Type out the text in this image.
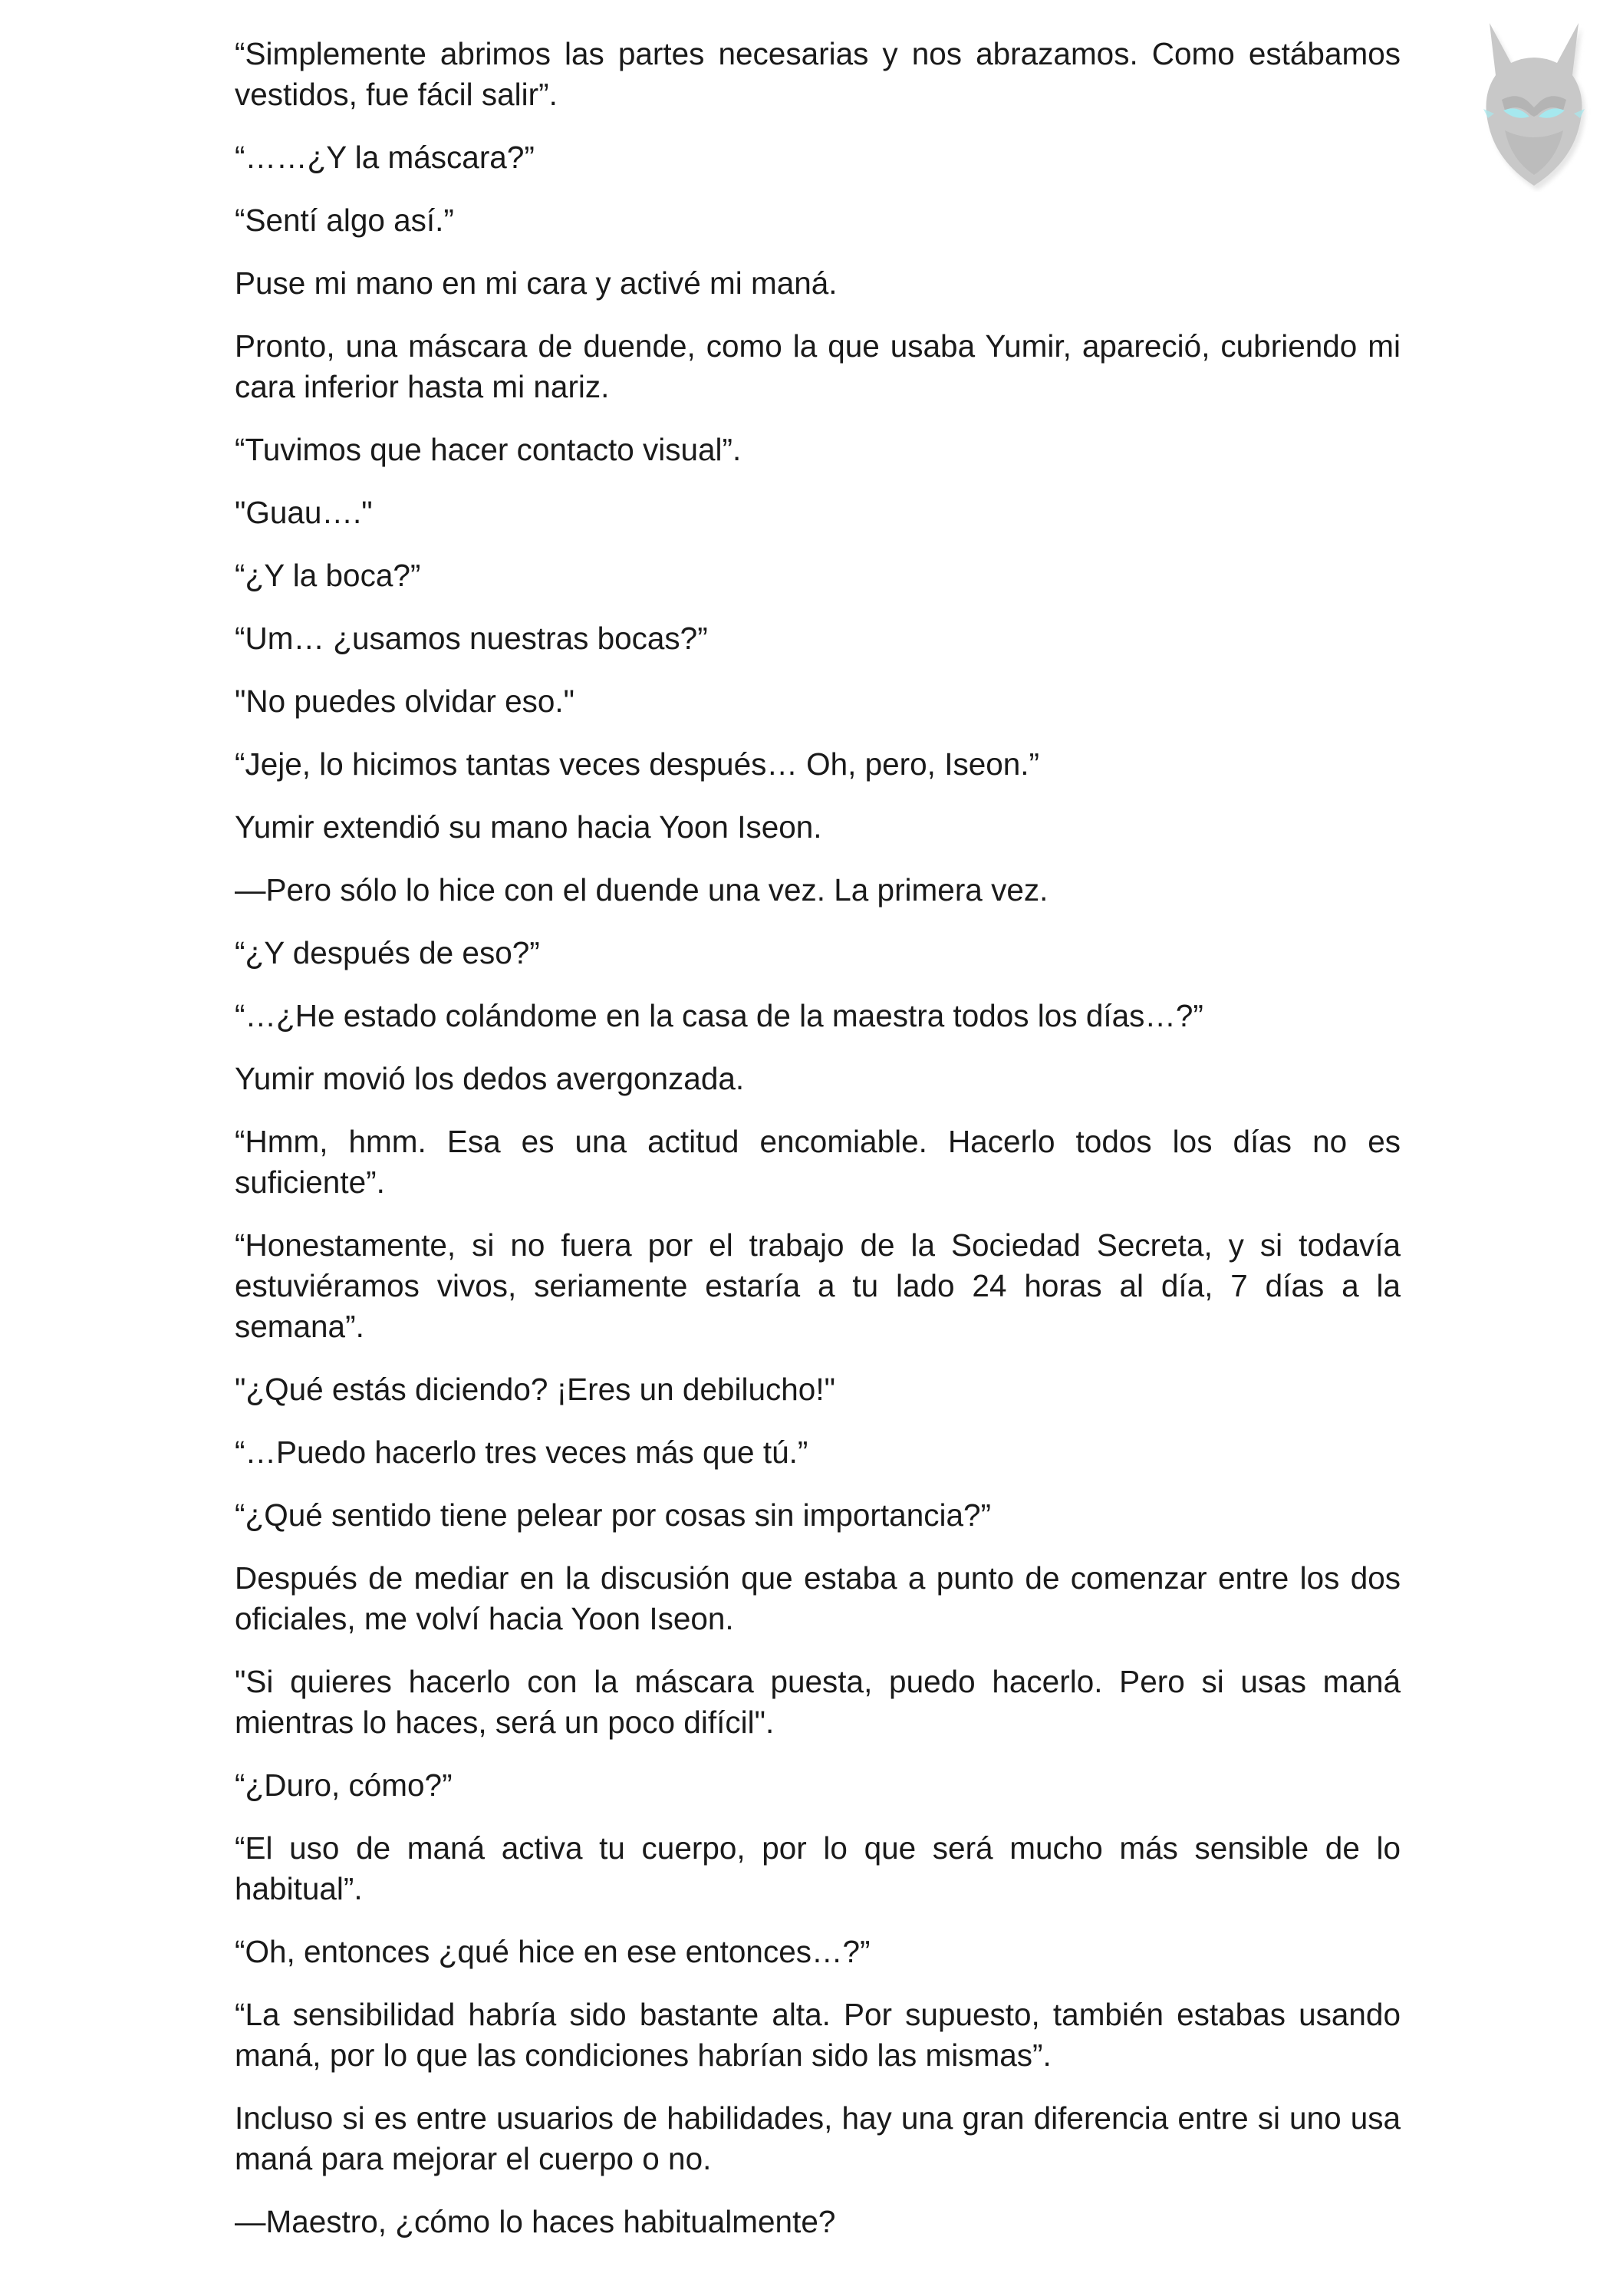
“Simplemente abrimos las partes necesarias y nos abrazamos. Como estábamos vestidos, fue fácil salir”.

“……¿Y la máscara?”

“Sentí algo así.”

Puse mi mano en mi cara y activé mi maná.

Pronto, una máscara de duende, como la que usaba Yumir, apareció, cubriendo mi cara inferior hasta mi nariz.

“Tuvimos que hacer contacto visual”.

"Guau…."

“¿Y la boca?”

“Um… ¿usamos nuestras bocas?”

"No puedes olvidar eso."

“Jeje, lo hicimos tantas veces después… Oh, pero, Iseon.”

Yumir extendió su mano hacia Yoon Iseon.

—Pero sólo lo hice con el duende una vez. La primera vez.

“¿Y después de eso?”

“…¿He estado colándome en la casa de la maestra todos los días…?”

Yumir movió los dedos avergonzada.

“Hmm, hmm. Esa es una actitud encomiable. Hacerlo todos los días no es suficiente”.

“Honestamente, si no fuera por el trabajo de la Sociedad Secreta, y si todavía estuviéramos vivos, seriamente estaría a tu lado 24 horas al día, 7 días a la semana”.

"¿Qué estás diciendo? ¡Eres un debilucho!"

“…Puedo hacerlo tres veces más que tú.”

“¿Qué sentido tiene pelear por cosas sin importancia?”

Después de mediar en la discusión que estaba a punto de comenzar entre los dos oficiales, me volví hacia Yoon Iseon.

"Si quieres hacerlo con la máscara puesta, puedo hacerlo. Pero si usas maná mientras lo haces, será un poco difícil".

“¿Duro, cómo?”

“El uso de maná activa tu cuerpo, por lo que será mucho más sensible de lo habitual”.

“Oh, entonces ¿qué hice en ese entonces…?”

“La sensibilidad habría sido bastante alta. Por supuesto, también estabas usando maná, por lo que las condiciones habrían sido las mismas”.

Incluso si es entre usuarios de habilidades, hay una gran diferencia entre si uno usa maná para mejorar el cuerpo o no.

—Maestro, ¿cómo lo haces habitualmente?
